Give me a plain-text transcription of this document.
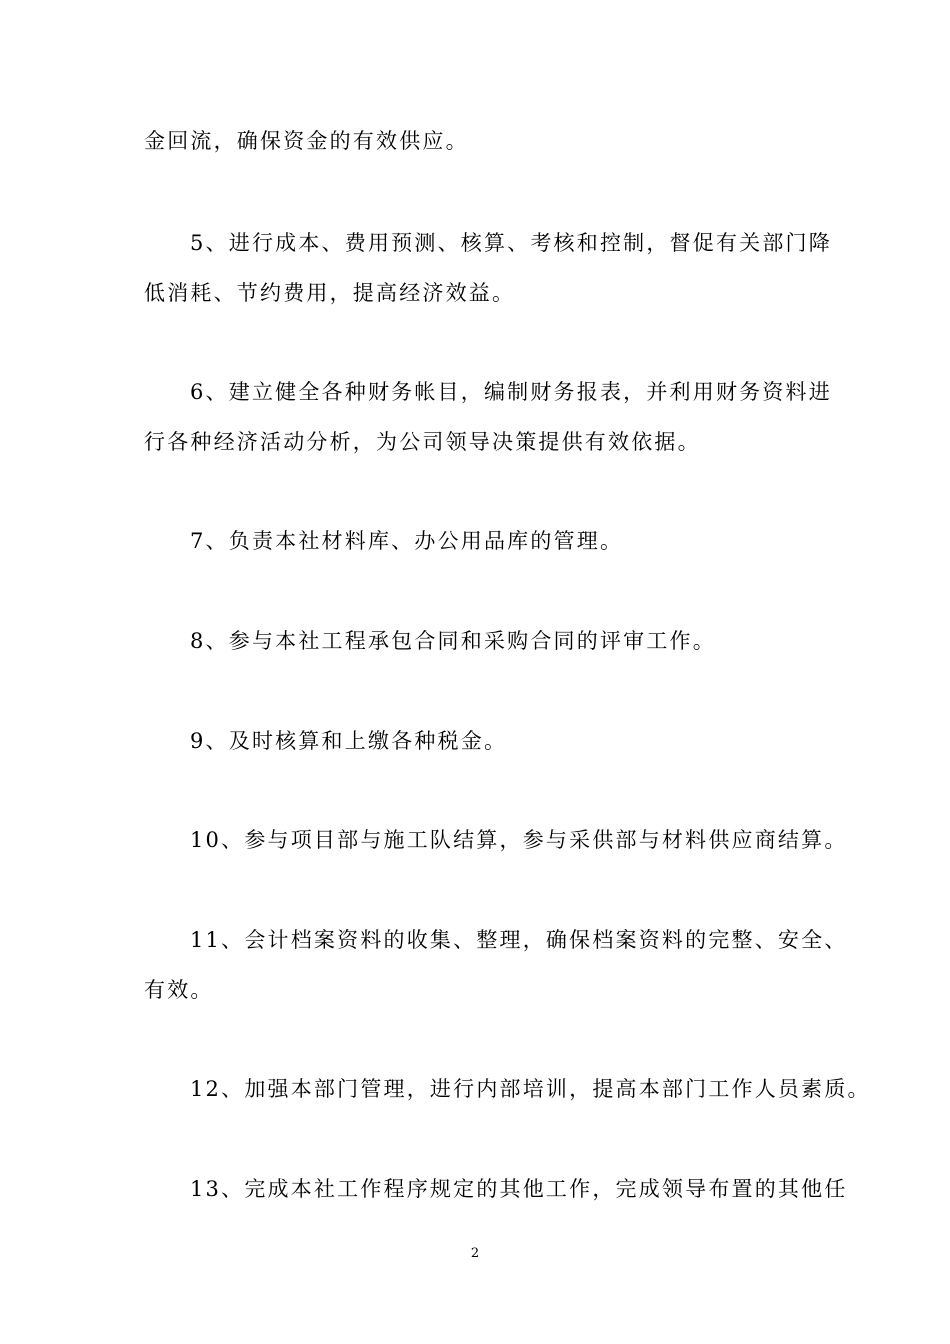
金回流，确保资金的有效供应。
5、进行成本、费用预测、核算、考核和控制，督促有关部门降
低消耗、节约费用，提高经济效益。
6、建立健全各种财务帐目，编制财务报表，并利用财务资料进
行各种经济活动分析，为公司领导决策提供有效依据。
7、负责本社材料库、办公用品库的管理。
8、参与本社工程承包合同和采购合同的评审工作。
9、及时核算和上缴各种税金。
10、参与项目部与施工队结算，参与采供部与材料供应商结算。
11、会计档案资料的收集、整理，确保档案资料的完整、安全、
有效。
12、加强本部门管理，进行内部培训，提高本部门工作人员素质。
13、完成本社工作程序规定的其他工作，完成领导布置的其他任
2
